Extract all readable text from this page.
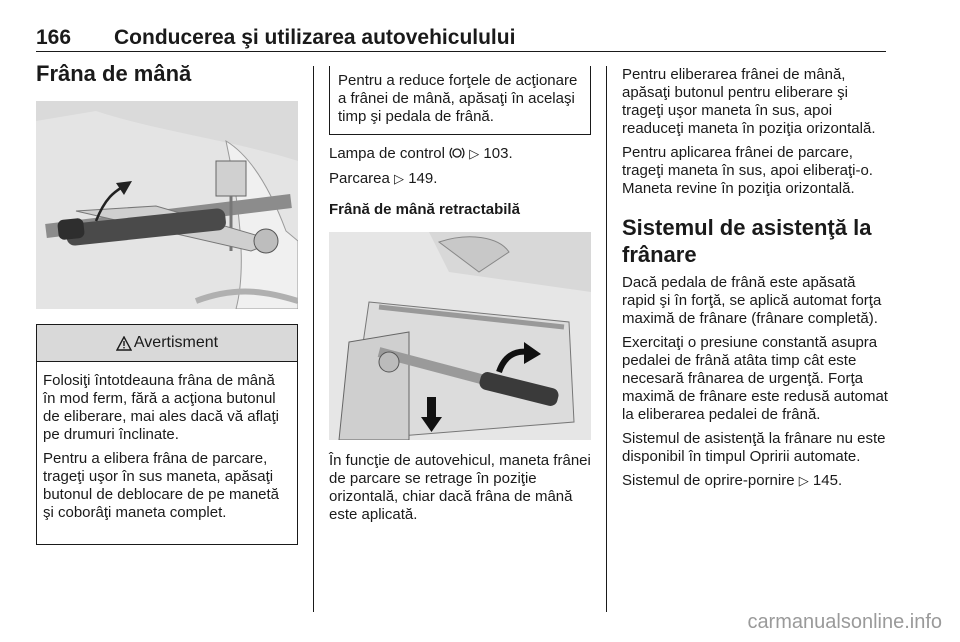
166 Conducerea şi utilizarea autovehiculului
Frâna de mână
Avertisment

Folosiţi întotdeauna frâna de mână în mod ferm, fără a acţiona butonul de eliberare, mai ales dacă vă aflaţi pe drumuri înclinate.

Pentru a elibera frâna de parcare, trageţi uşor în sus maneta, apăsaţi butonul de deblocare de pe manetă şi coborâţi maneta complet.

Pentru a reduce forţele de acţionare a frânei de mână, apăsaţi în acelaşi timp şi pedala de frână.

Lampa de control ▷ 103.

Parcarea ▷ 149.

Frână de mână retractabilă

În funcţie de autovehicul, maneta frânei de parcare se retrage în poziţie orizontală, chiar dacă frâna de mână este aplicată.

Pentru eliberarea frânei de mână, apăsaţi butonul pentru eliberare şi trageţi uşor maneta în sus, apoi readuceţi maneta în poziţia orizontală.

Pentru aplicarea frânei de parcare, trageţi maneta în sus, apoi eliberaţi-o. Maneta revine în poziţia orizontală.

Sistemul de asistenţă la frânare

Dacă pedala de frână este apăsată rapid şi în forţă, se aplică automat forţa maximă de frânare (frânare completă).

Exercitaţi o presiune constantă asupra pedalei de frână atâta timp cât este necesară frânarea de urgenţă. Forţa maximă de frânare este redusă automat la eliberarea pedalei de frână.

Sistemul de asistenţă la frânare nu este disponibil în timpul Opririi automate.

Sistemul de oprire-pornire ▷ 145.

carmanualsonline.info
